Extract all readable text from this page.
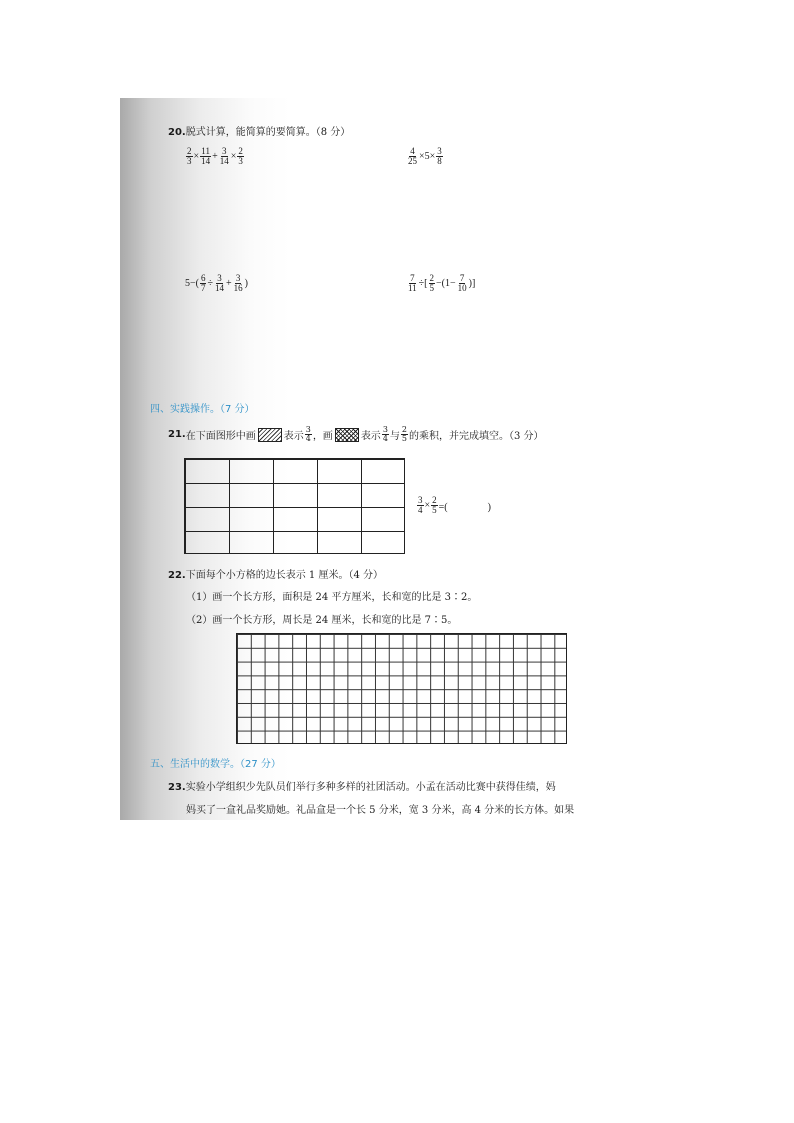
20.脱式计算，能简算的要简算。（8 分）
$\frac{2}{3} \times \frac{11}{14} + \frac{3}{14} \times \frac{2}{3}$	$\frac{4}{25} \times 5\times \frac{3}{8}$
$5-( \frac{6}{7} \div \frac{3}{14} + \frac{3}{16}$ )	$\frac{7}{11}$ ÷[ $\frac{2}{5} -(1- \frac{7}{10}$ )]
四、实践操作。（7 分）
21. 在下面图形中画	表示 $\frac{3}{4}$ ，画	表示 $\frac{3}{4}$ 与 $\frac{2}{5}$ 的乘积，并完成填空。（3 分）
$\frac{3}{4} \times \frac{2}{5}$ =(　　　　)
22.下面每个小方格的边长表示 1 厘米。（4 分）
（1）画一个长方形，面积是 24 平方厘米，长和宽的比是 3∶2。
（2）画一个长方形，周长是 24 厘米，长和宽的比是 7∶5。
五、生活中的数学。（27 分）
23.实验小学组织少先队员们举行多种多样的社团活动。小孟在活动比赛中获得佳绩，妈
妈买了一盒礼品奖励她。礼品盒是一个长 5 分米，宽 3 分米，高 4 分米的长方体。如果
